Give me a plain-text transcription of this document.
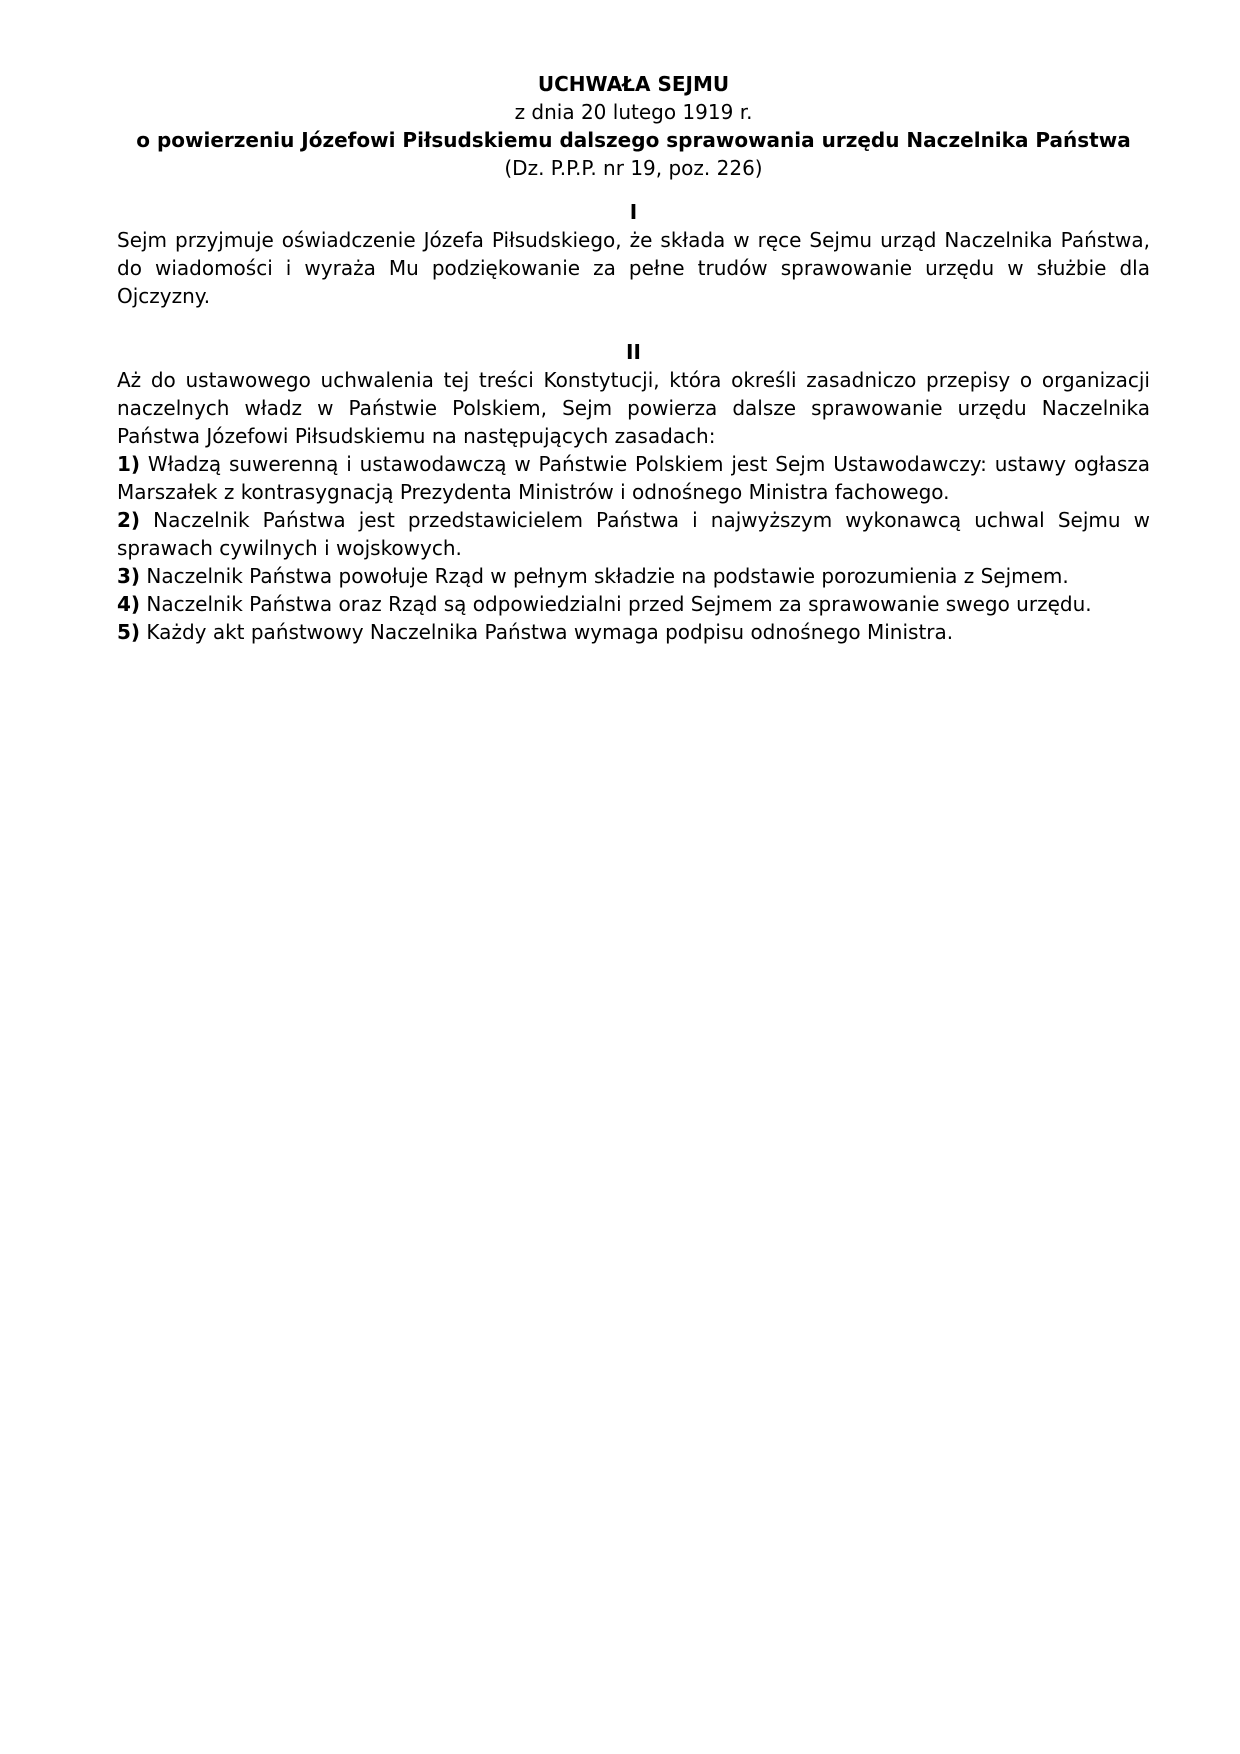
UCHWAŁA SEJMU
z dnia 20 lutego 1919 r.
o powierzeniu Józefowi Piłsudskiemu dalszego sprawowania urzędu Naczelnika Państwa
(Dz. P.P.P. nr 19, poz. 226)
I

Sejm przyjmuje oświadczenie Józefa Piłsudskiego, że składa w ręce Sejmu urząd Naczelnika Państwa, do wiadomości i wyraża Mu podziękowanie za pełne trudów sprawowanie urzędu w służbie dla Ojczyzny.

II

Aż do ustawowego uchwalenia tej treści Konstytucji, która określi zasadniczo przepisy o organizacji naczelnych władz w Państwie Polskiem, Sejm powierza dalsze sprawowanie urzędu Naczelnika Państwa Józefowi Piłsudskiemu na następujących zasadach:

1) Władzą suwerenną i ustawodawczą w Państwie Polskiem jest Sejm Ustawodawczy: ustawy ogłasza Marszałek z kontrasygnacją Prezydenta Ministrów i odnośnego Ministra fachowego.

2) Naczelnik Państwa jest przedstawicielem Państwa i najwyższym wykonawcą uchwal Sejmu w sprawach cywilnych i wojskowych.

3) Naczelnik Państwa powołuje Rząd w pełnym składzie na podstawie porozumienia z Sejmem.

4) Naczelnik Państwa oraz Rząd są odpowiedzialni przed Sejmem za sprawowanie swego urzędu.

5) Każdy akt państwowy Naczelnika Państwa wymaga podpisu odnośnego Ministra.
